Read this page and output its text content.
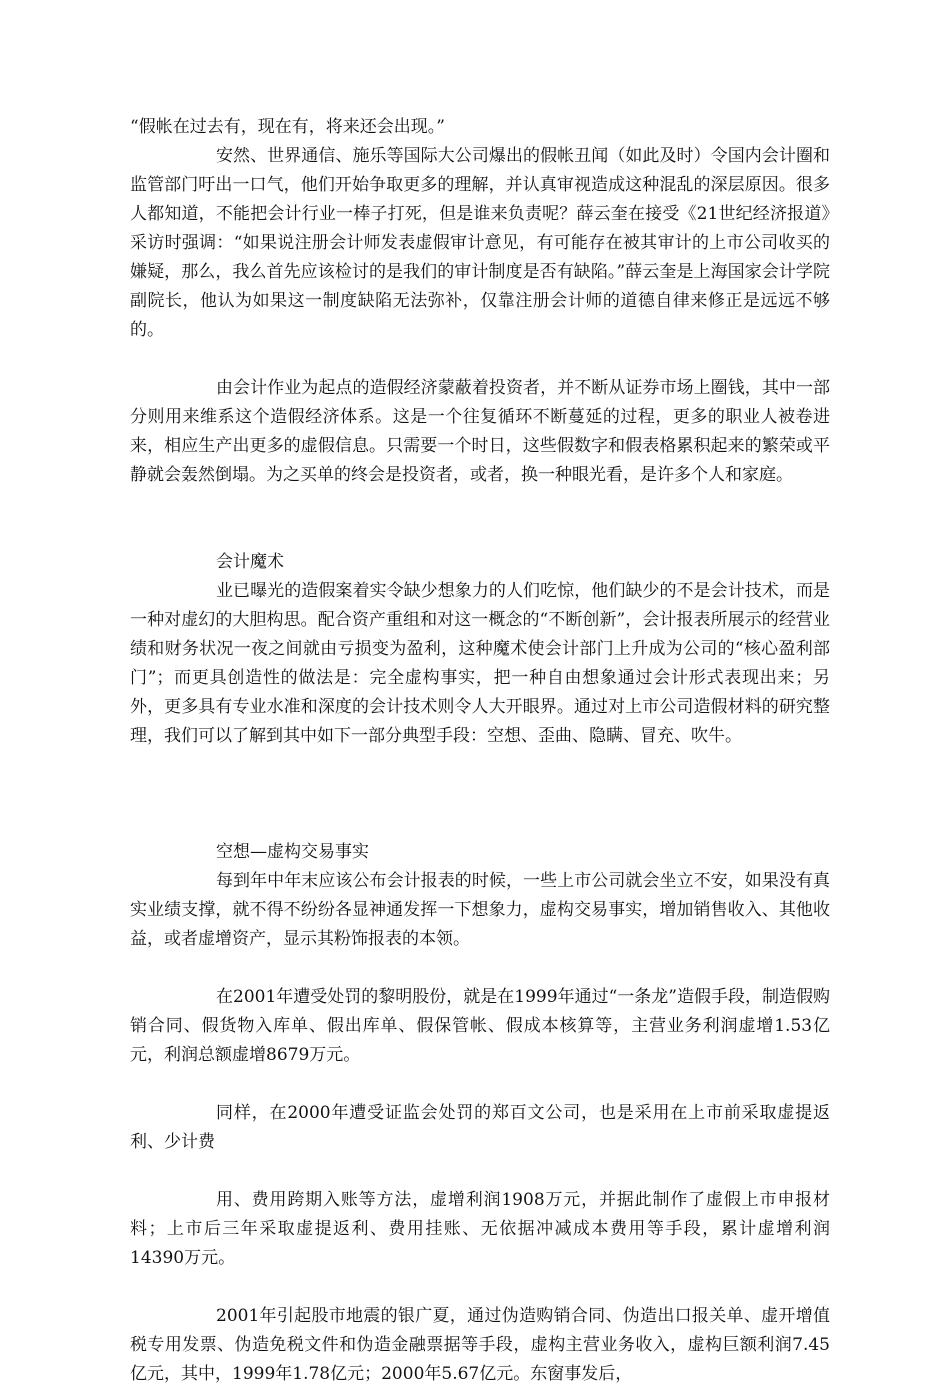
“假帐在过去有，现在有，将来还会出现。”

安然、世界通信、施乐等国际大公司爆出的假帐丑闻（如此及时）令国内会计圈和监管部门吁出一口气，他们开始争取更多的理解，并认真审视造成这种混乱的深层原因。很多人都知道，不能把会计行业一棒子打死，但是谁来负责呢？薛云奎在接受《21世纪经济报道》采访时强调：“如果说注册会计师发表虚假审计意见，有可能存在被其审计的上市公司收买的嫌疑，那么，我么首先应该检讨的是我们的审计制度是否有缺陷。”薛云奎是上海国家会计学院副院长，他认为如果这一制度缺陷无法弥补，仅靠注册会计师的道德自律来修正是远远不够的。

由会计作业为起点的造假经济蒙蔽着投资者，并不断从证券市场上圈钱，其中一部分则用来维系这个造假经济体系。这是一个往复循环不断蔓延的过程，更多的职业人被卷进来，相应生产出更多的虚假信息。只需要一个时日，这些假数字和假表格累积起来的繁荣或平静就会轰然倒塌。为之买单的终会是投资者，或者，换一种眼光看，是许多个人和家庭。

会计魔术

业已曝光的造假案着实令缺少想象力的人们吃惊，他们缺少的不是会计技术，而是一种对虚幻的大胆构思。配合资产重组和对这一概念的“不断创新”，会计报表所展示的经营业绩和财务状况一夜之间就由亏损变为盈利，这种魔术使会计部门上升成为公司的“核心盈利部门”；而更具创造性的做法是：完全虚构事实，把一种自由想象通过会计形式表现出来；另外，更多具有专业水准和深度的会计技术则令人大开眼界。通过对上市公司造假材料的研究整理，我们可以了解到其中如下一部分典型手段：空想、歪曲、隐瞒、冒充、吹牛。

空想—虚构交易事实

每到年中年末应该公布会计报表的时候，一些上市公司就会坐立不安，如果没有真实业绩支撑，就不得不纷纷各显神通发挥一下想象力，虚构交易事实，增加销售收入、其他收益，或者虚增资产，显示其粉饰报表的本领。

在2001年遭受处罚的黎明股份，就是在1999年通过“一条龙”造假手段，制造假购销合同、假货物入库单、假出库单、假保管帐、假成本核算等，主营业务利润虚增1.53亿元，利润总额虚增8679万元。

同样，在2000年遭受证监会处罚的郑百文公司，也是采用在上市前采取虚提返利、少计费

用、费用跨期入账等方法，虚增利润1908万元，并据此制作了虚假上市申报材料；上市后三年采取虚提返利、费用挂账、无依据冲减成本费用等手段，累计虚增利润14390万元。

2001年引起股市地震的银广夏，通过伪造购销合同、伪造出口报关单、虚开增值税专用发票、伪造免税文件和伪造金融票据等手段，虚构主营业务收入，虚构巨额利润7.45亿元，其中，1999年1.78亿元；2000年5.67亿元。东窗事发后，
